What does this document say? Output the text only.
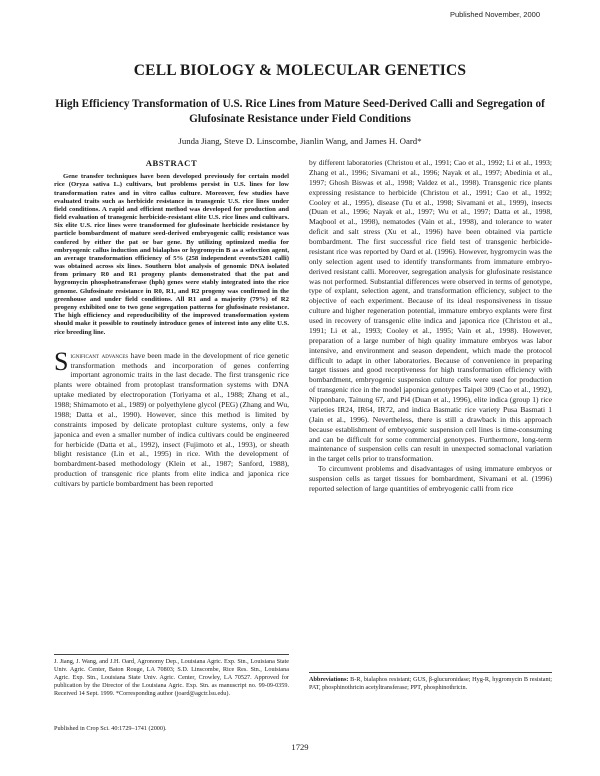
Published November, 2000
CELL BIOLOGY & MOLECULAR GENETICS
High Efficiency Transformation of U.S. Rice Lines from Mature Seed-Derived Calli and Segregation of Glufosinate Resistance under Field Conditions
Junda Jiang, Steve D. Linscombe, Jianlin Wang, and James H. Oard*
ABSTRACT

Gene transfer techniques have been developed previously for certain model rice (Oryza sativa L.) cultivars, but problems persist in U.S. lines for low transformation rates and in vitro callus culture. Moreover, few studies have evaluated traits such as herbicide resistance in transgenic U.S. rice lines under field conditions. A rapid and efficient method was developed for production and field evaluation of transgenic herbicide-resistant elite U.S. rice lines and cultivars. Six elite U.S. rice lines were transformed for glufosinate herbicide resistance by particle bombardment of mature seed-derived embryogenic calli; resistance was confered by either the pat or bar gene. By utilizing optimized media for embryogenic callus induction and bialaphos or hygromycin B as a selection agent, an average transformation efficiency of 5% (258 independent events/5201 calli) was obtained across six lines. Southern blot analysis of genomic DNA isolated from primary R0 and R1 progeny plants demonstrated that the pat and hygromycin phosphotransferase (hph) genes were stably integrated into the rice genome. Glufosinate resistance in R0, R1, and R2 progeny was confirmed in the greenhouse and under field conditions. All R1 and a majority (79%) of R2 progeny exhibited one to two gene segregation patterns for glufosinate resistance. The high efficiency and reproducibility of the improved transformation system should make it possible to routinely introduce genes of interest into any elite U.S. rice breeding line.

Significant advances have been made in the development of rice genetic transformation methods and incorporation of genes conferring important agronomic traits in the last decade. The first transgenic rice plants were obtained from protoplast transformation systems with DNA uptake mediated by electroporation (Toriyama et al., 1988; Zhang et al., 1988; Shimamoto et al., 1989) or polyethylene glycol (PEG) (Zhang and Wu, 1988; Datta et al., 1990). However, since this method is limited by constraints imposed by delicate protoplast culture systems, only a few japonica and even a smaller number of indica cultivars could be engineered for herbicide (Datta et al., 1992), insect (Fujimoto et al., 1993), or sheath blight resistance (Lin et al., 1995) in rice. With the development of bombardment-based methodology (Klein et al., 1987; Sanford, 1988), production of transgenic rice plants from elite indica and japonica rice cultivars by particle bombardment has been reported

by different laboratories (Christou et al., 1991; Cao et al., 1992; Li et al., 1993; Zhang et al., 1996; Sivamani et al., 1996; Nayak et al., 1997; Abedinia et al., 1997; Ghosh Biswas et al., 1998; Valdez et al., 1998). Transgenic rice plants expressing resistance to herbicide (Christou et al., 1991; Cao et al., 1992; Cooley et al., 1995), disease (Tu et al., 1998; Sivamani et al., 1999), insects (Duan et al., 1996; Nayak et al., 1997; Wu et al., 1997; Datta et al., 1998, Maqbool et al., 1998), nematodes (Vain et al., 1998), and tolerance to water deficit and salt stress (Xu et al., 1996) have been obtained via particle bombardment. The first successful rice field test of transgenic herbicide-resistant rice was reported by Oard et al. (1996). However, hygromycin was the only selection agent used to identify transformants from immature embryo-derived resistant calli. Moreover, segregation analysis for glufosinate resistance was not performed. Substantial differences were observed in terms of genotype, type of explant, selection agent, and transformation efficiency, subject to the objective of each experiment. Because of its ideal responsiveness in tissue culture and higher regeneration potential, immature embryo explants were first used in recovery of transgenic elite indica and japonica rice (Christou et al., 1991; Li et al., 1993; Cooley et al., 1995; Vain et al., 1998). However, preparation of a large number of high quality immature embryos was labor intensive, and environment and season dependent, which made the protocol difficult to adapt in other laboratories. Because of convenience in preparing target tissues and good receptiveness for high transformation efficiency with bombardment, embryogenic suspension culture cells were used for production of transgenic rice in the model japonica genotypes Taipei 309 (Cao et al., 1992), Nipponbare, Tainung 67, and Pi4 (Duan et al., 1996), elite indica (group 1) rice varieties IR24, IR64, IR72, and indica Basmatic rice variety Pusa Basmati 1 (Jain et al., 1996). Nevertheless, there is still a drawback in this approach because establishment of embryogenic suspension cell lines is time-consuming and can be difficult for some commercial genotypes. Furthermore, long-term maintenance of suspension cells can result in unexpected somaclonal variation in the target cells prior to transformation.

To circumvent problems and disadvantages of using immature embryos or suspension cells as target tissues for bombardment, Sivamani et al. (1996) reported selection of large quantities of embryogenic calli from rice

J. Jiang, J. Wang, and J.H. Oard, Agronomy Dep., Louisiana Agric. Exp. Stn., Louisiana State Univ. Agric. Center, Baton Rouge, LA 70803; S.D. Linscombe, Rice Res. Stn., Louisiana Agric. Exp. Stn., Louisiana State Univ. Agric. Center, Crowley, LA 70527. Approved for publication by the Director of the Louisiana Agric. Exp. Stn. as manuscript no. 99-09-0359. Received 14 Sept. 1999. *Corresponding author (joard@agctr.lsu.edu).
Published in Crop Sci. 40:1729–1741 (2000).
Abbreviations: B-R, bialaphos resistant; GUS, β-glucuronidase; Hyg-R, hygromycin B resistant; PAT, phosphinothricin acetyltransferase; PPT, phosphinothricin.
1729
